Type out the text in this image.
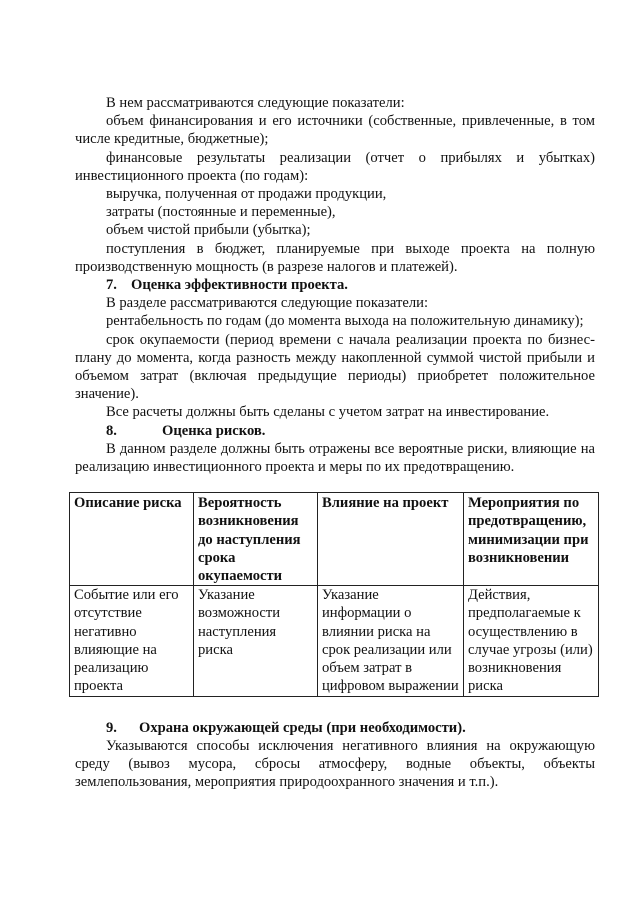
В нем рассматриваются следующие показатели:

объем финансирования и его источники (собственные, привлеченные, в том числе кредитные, бюджетные);

финансовые результаты реализации (отчет о прибылях и убытках) инвестиционного проекта (по годам):

выручка, полученная от продажи продукции,

затраты (постоянные и переменные),

объем чистой прибыли (убытка);

поступления в бюджет, планируемые при выходе проекта на полную производственную мощность (в разрезе налогов и платежей).

7. Оценка эффективности проекта.

В разделе рассматриваются следующие показатели:

рентабельность по годам (до момента выхода на положительную динамику);

срок окупаемости (период времени с начала реализации проекта по бизнес-плану до момента, когда разность между накопленной суммой чистой прибыли и объемом затрат (включая предыдущие периоды) приобретет положительное значение).

Все расчеты должны быть сделаны с учетом затрат на инвестирование.

8.	Оценка рисков.

В данном разделе должны быть отражены все вероятные риски, влияющие на реализацию инвестиционного проекта и меры по их предотвращению.

Описание риска	Вероятность возникновения до наступления срока окупаемости	Влияние на проект	Мероприятия по предотвращению, минимизации при возникновении
Событие или его отсутствие негативно влияющие на реализацию проекта	Указание возможности наступления риска	Указание информации о влиянии риска на срок реализации или объем затрат в цифровом выражении	Действия, предполагаемые к осуществлению в случае угрозы (или) возникновения риска

9. Охрана окружающей среды (при необходимости).

Указываются способы исключения негативного влияния на окружающую среду (вывоз мусора, сбросы атмосферу, водные объекты, объекты землепользования, мероприятия природоохранного значения и т.п.).
